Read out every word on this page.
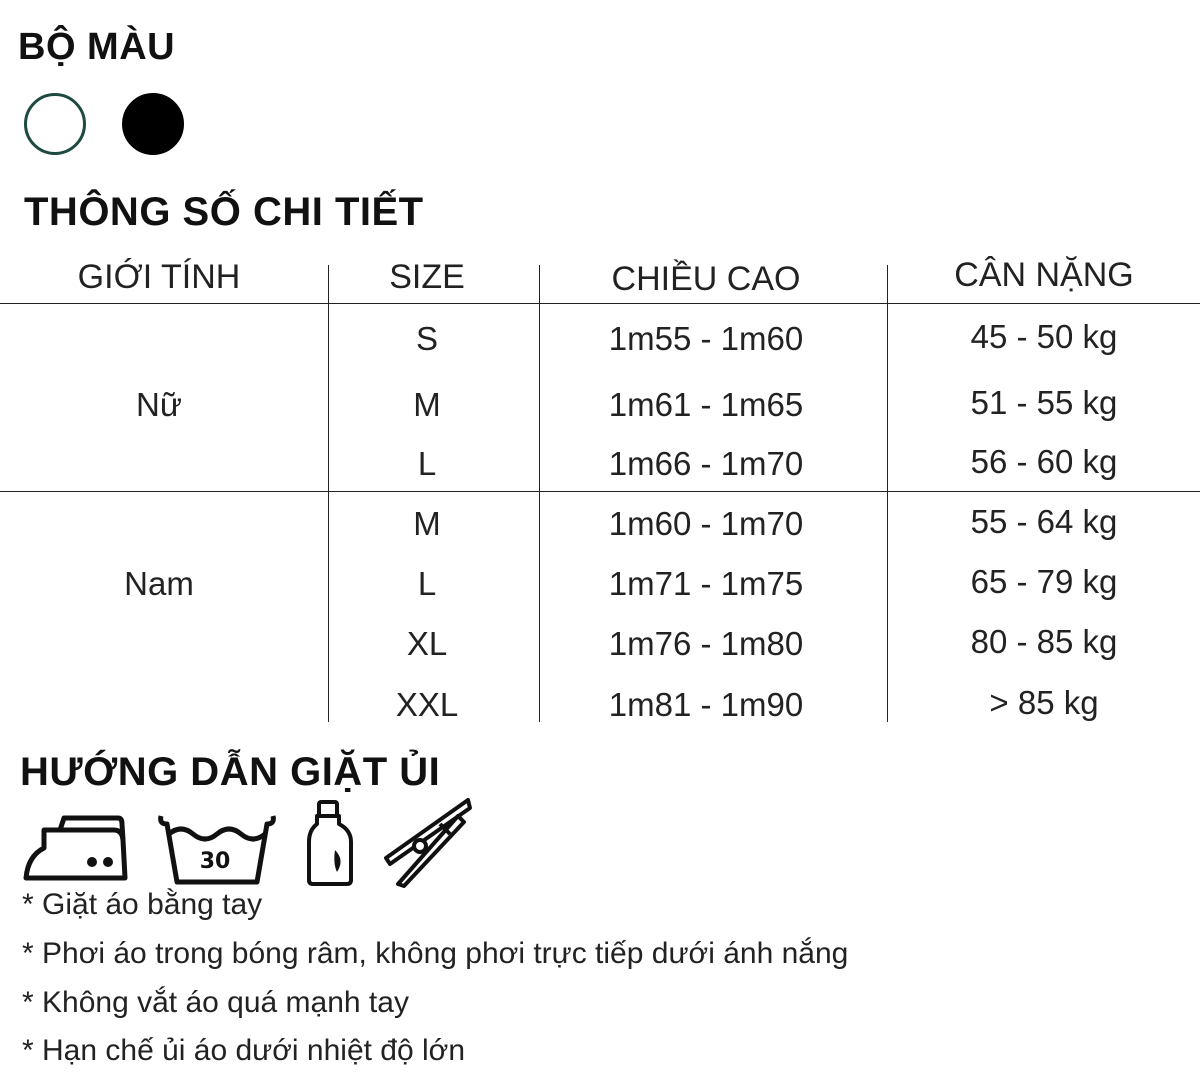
BỘ MÀU
THÔNG SỐ CHI TIẾT
GIỚI TÍNH	SIZE	CHIỀU CAO	CÂN NẶNG
Nữ
S	1m55 - 1m60	45 - 50 kg
M	1m61 - 1m65	51 - 55 kg
L	1m66 - 1m70	56 - 60 kg
Nam
M	1m60 - 1m70	55 - 64 kg
L	1m71 - 1m75	65 - 79 kg
XL	1m76 - 1m80	80 - 85 kg
XXL	1m81 - 1m90	> 85 kg
HƯỚNG DẪN GIẶT ỦI
30
* Giặt áo bằng tay
* Phơi áo trong bóng râm, không phơi trực tiếp dưới ánh nắng
* Không vắt áo quá mạnh tay
* Hạn chế ủi áo dưới nhiệt độ lớn
